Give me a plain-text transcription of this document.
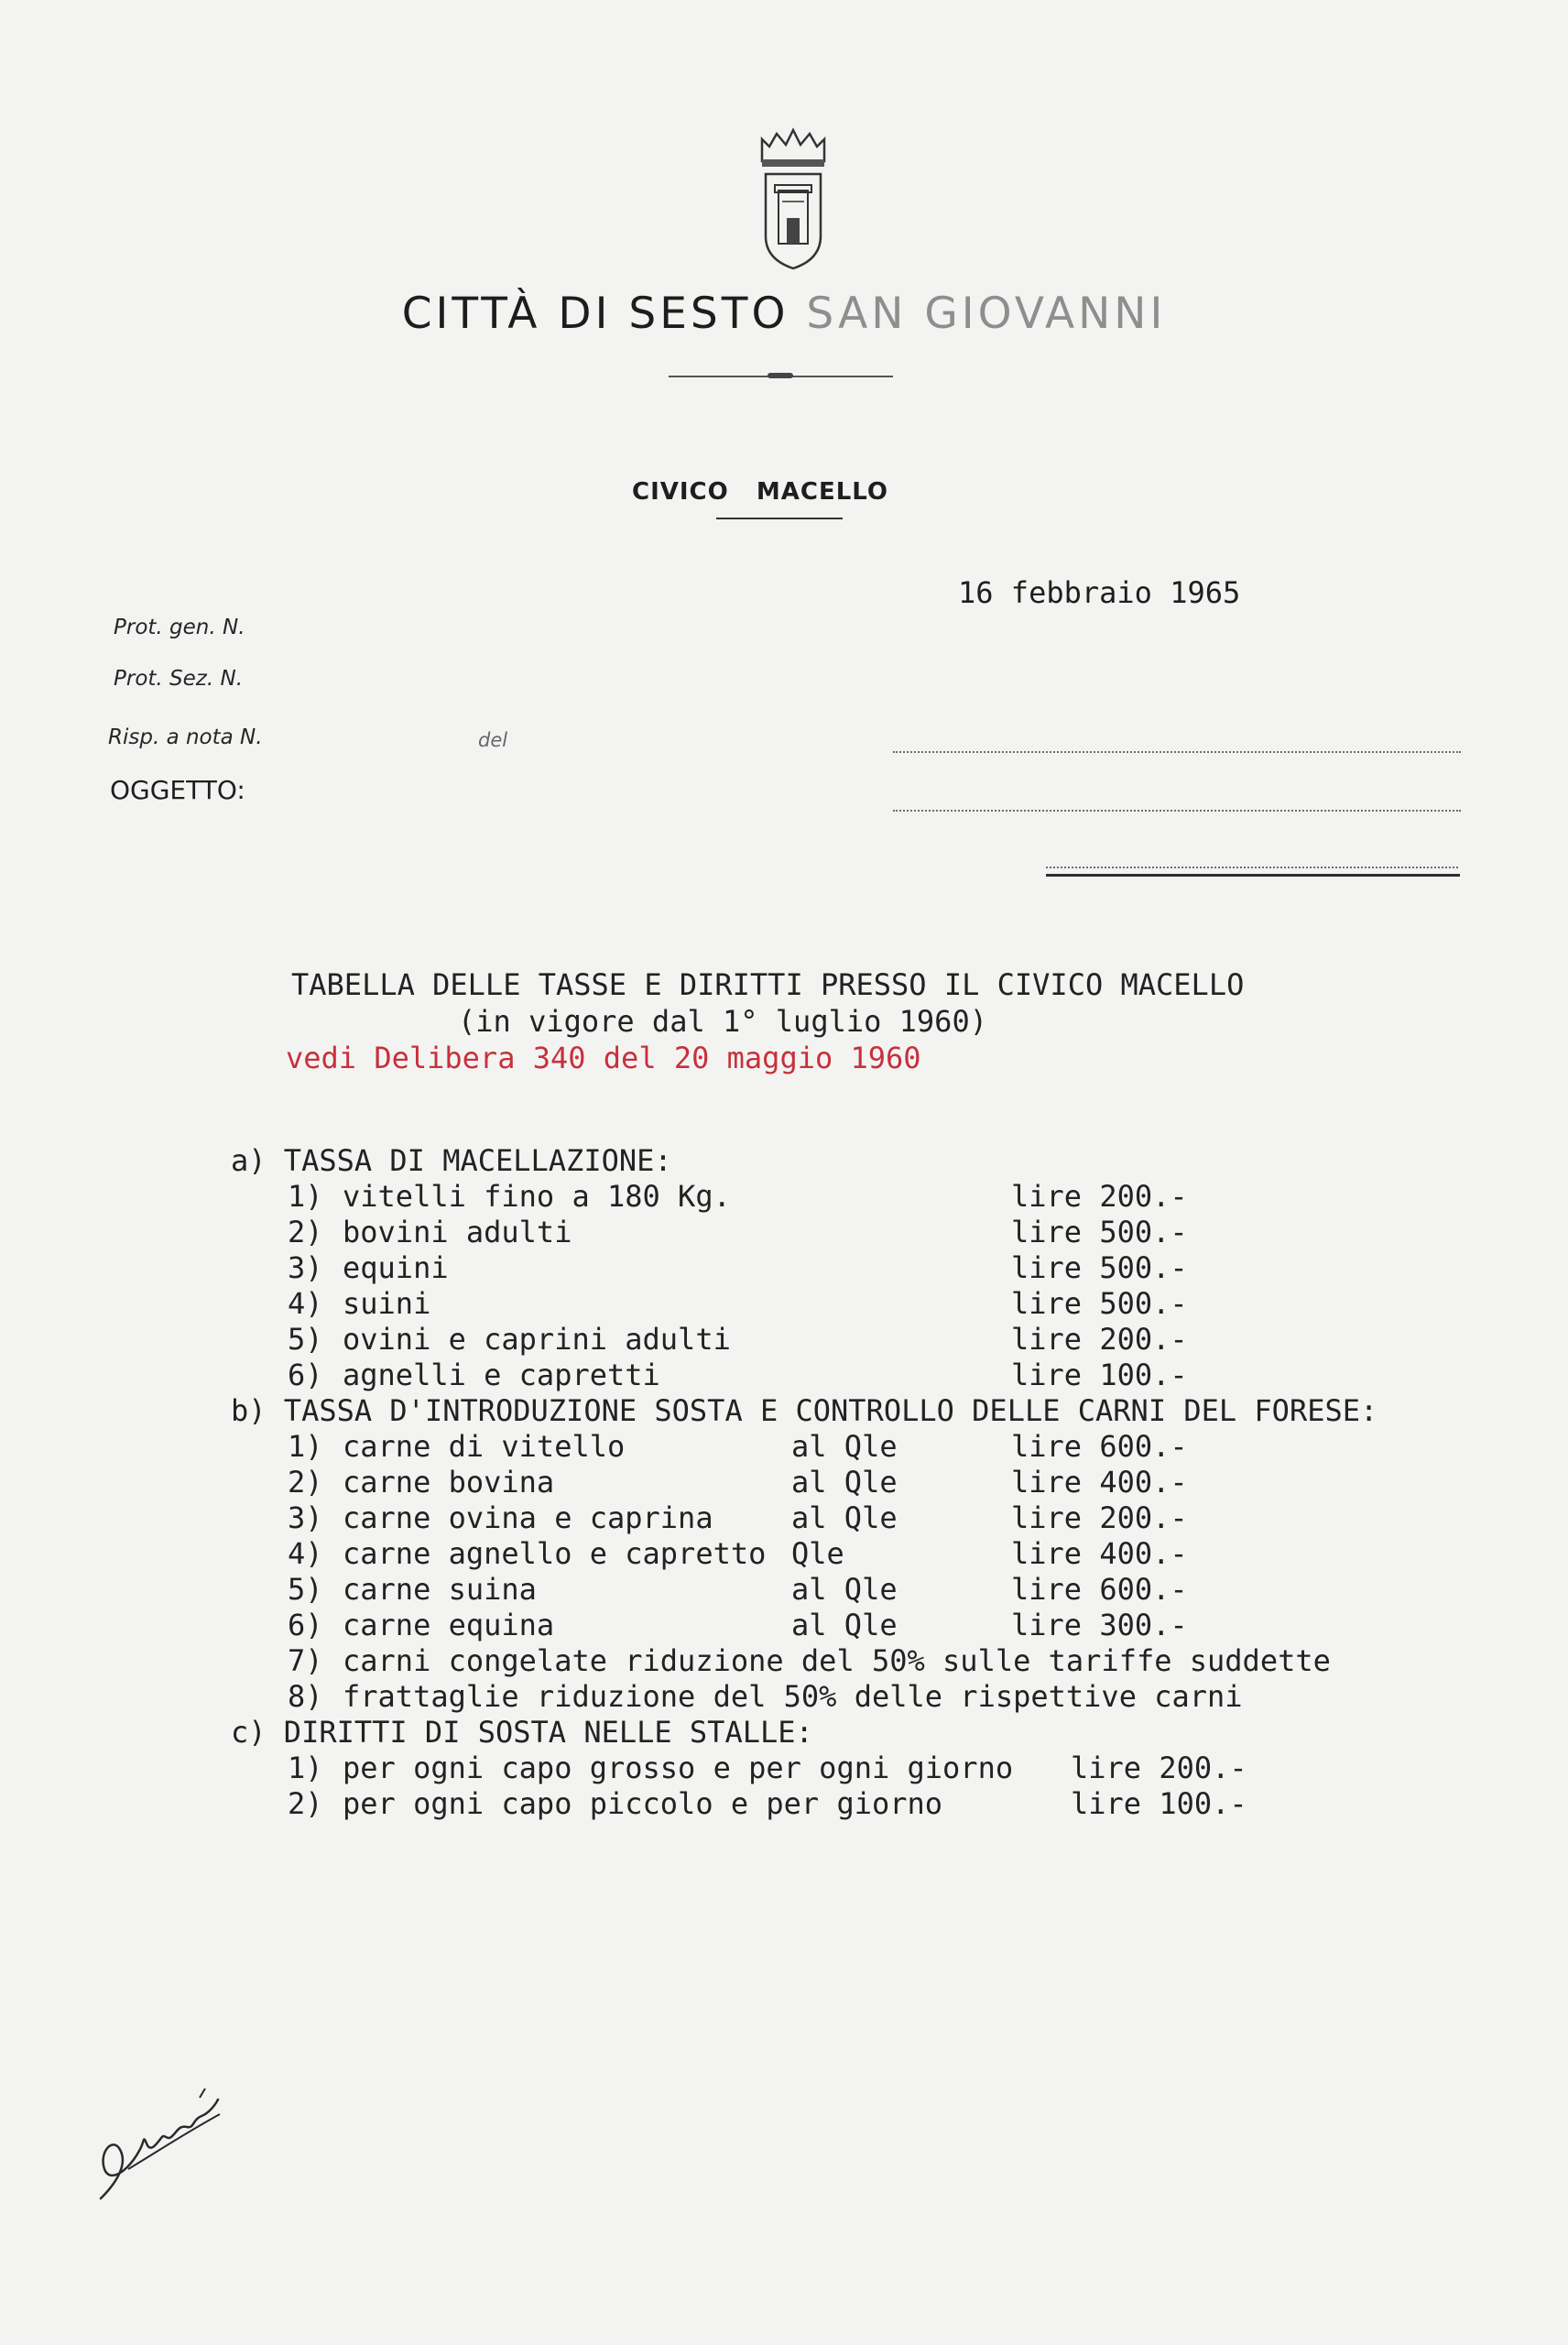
CITTÀ DI SESTO SAN GIOVANNI
CIVICO   MACELLO
16 febbraio 1965
Prot. gen. N.
Prot. Sez. N.
Risp. a nota N.	del
OGGETTO:
TABELLA DELLE TASSE E DIRITTI PRESSO IL CIVICO MACELLO
(in vigore dal 1° luglio 1960)
vedi Delibera 340 del 20 maggio 1960
a) TASSA DI MACELLAZIONE:
1) vitelli fino a 180 Kg.	lire 200.-
2) bovini adulti	lire 500.-
3) equini	lire 500.-
4) suini	lire 500.-
5) ovini e caprini adulti	lire 200.-
6) agnelli e capretti	lire 100.-
b) TASSA D'INTRODUZIONE SOSTA E CONTROLLO DELLE CARNI DEL FORESE:
1) carne di vitello	al Qle	lire 600.-
2) carne bovina	al Qle	lire 400.-
3) carne ovina e caprina	al Qle	lire 200.-
4) carne agnello e capretto Qle	lire 400.-
5) carne suina	al Qle	lire 600.-
6) carne equina	al Qle	lire 300.-
7) carni congelate riduzione del 50% sulle tariffe suddette
8) frattaglie riduzione del 50% delle rispettive carni
c) DIRITTI DI SOSTA NELLE STALLE:
1) per ogni capo grosso e per ogni giorno lire 200.-
2) per ogni capo piccolo e per giorno	lire 100.-
